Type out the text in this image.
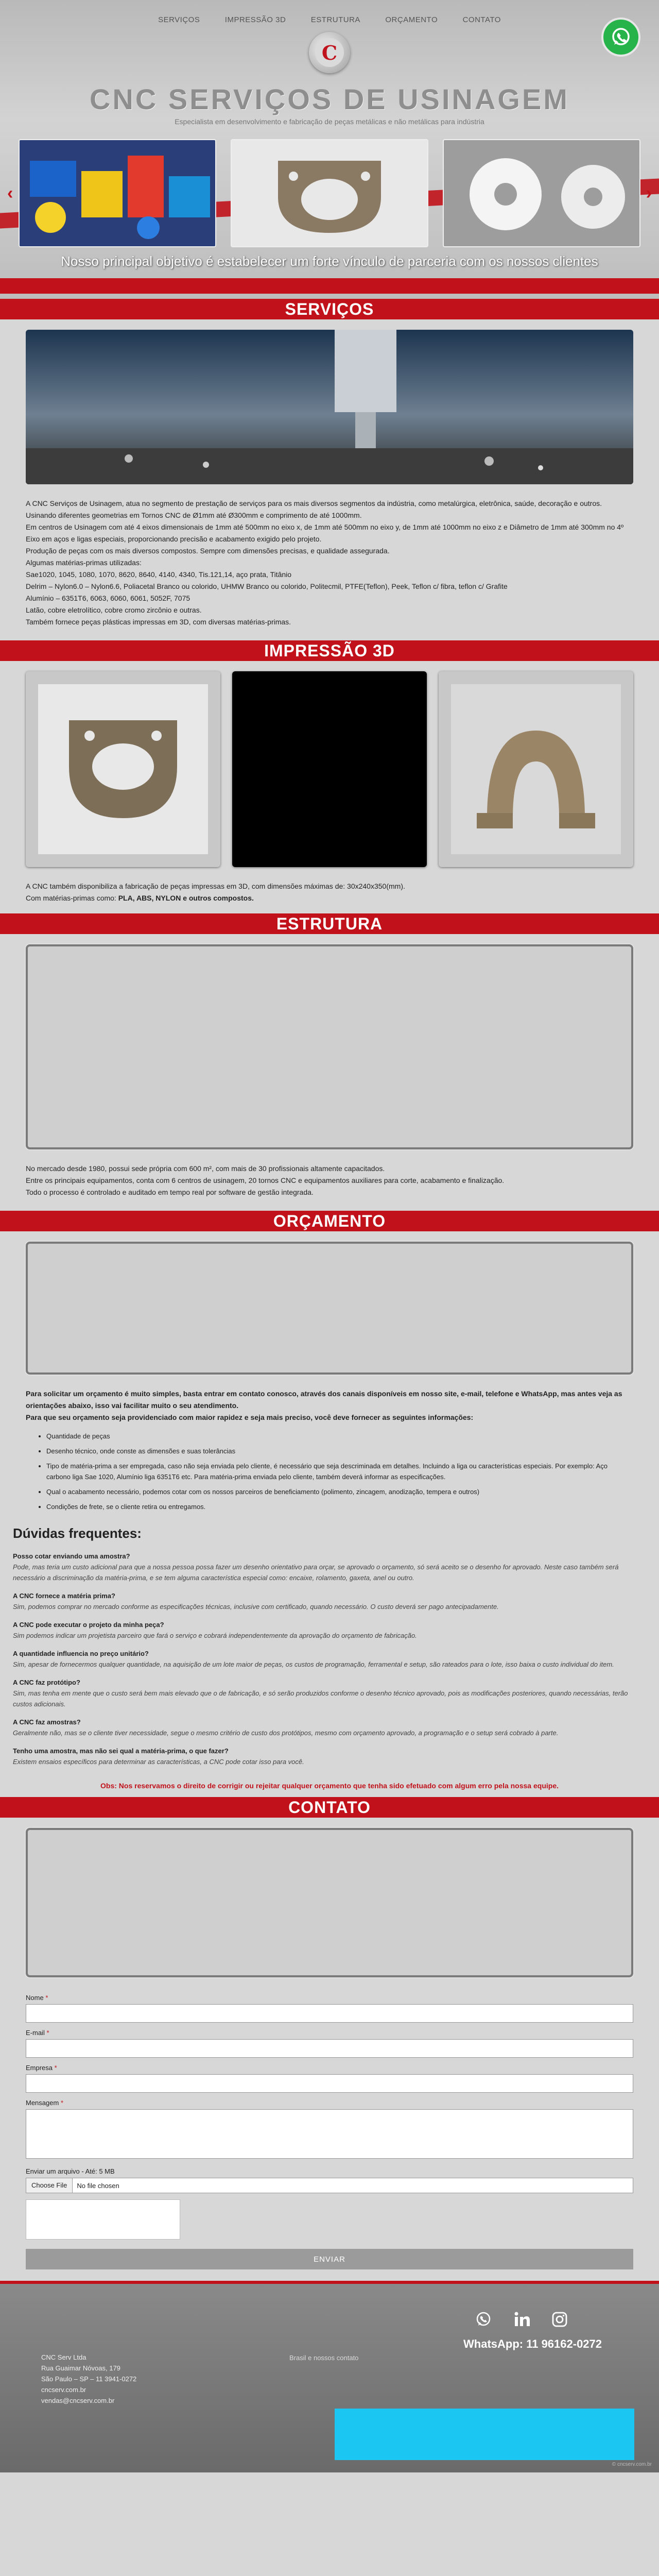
SERVIÇOS	IMPRESSÃO 3D	ESTRUTURA	ORÇAMENTO	CONTATO
C
CNC SERVIÇOS DE USINAGEM
Especialista em desenvolvimento e fabricação de peças metálicas e não metálicas para indústria
‹	›
Nosso principal objetivo é estabelecer um forte vínculo de parceria com os nossos clientes
SERVIÇOS

A CNC Serviços de Usinagem, atua no segmento de prestação de serviços para os mais diversos segmentos da indústria, como metalúrgica, eletrônica, saúde, decoração e outros.

Usinando diferentes geometrias em Tornos CNC de Ø1mm até Ø300mm e comprimento de até 1000mm.

Em centros de Usinagem com até 4 eixos dimensionais de 1mm até 500mm no eixo x, de 1mm até 500mm no eixo y, de 1mm até 1000mm no eixo z e Diâmetro de 1mm até 300mm no 4º Eixo em aços e ligas especiais, proporcionando precisão e acabamento exigido pelo projeto.

Produção de peças com os mais diversos compostos. Sempre com dimensões precisas, e qualidade assegurada.

Algumas matérias-primas utilizadas:

Sae1020, 1045, 1080, 1070, 8620, 8640, 4140, 4340, Tis.121,14, aço prata, Titânio

Delrim – Nylon6.0 – Nylon6.6, Poliacetal Branco ou colorido, UHMW Branco ou colorido, Politecmil, PTFE(Teflon), Peek, Teflon c/ fibra, teflon c/ Grafite

Alumínio – 6351T6, 6063, 6060, 6061, 5052F, 7075

Latão, cobre eletrolítico, cobre cromo zircônio e outras.

Também fornece peças plásticas impressas em 3D, com diversas matérias-primas.

IMPRESSÃO 3D

A CNC também disponibiliza a fabricação de peças impressas em 3D, com dimensões máximas de: 30x240x350(mm).

Com matérias-primas como: PLA, ABS, NYLON e outros compostos.

ESTRUTURA

No mercado desde 1980, possui sede própria com 600 m², com mais de 30 profissionais altamente capacitados.

Entre os principais equipamentos, conta com 6 centros de usinagem, 20 tornos CNC e equipamentos auxiliares para corte, acabamento e finalização.

Todo o processo é controlado e auditado em tempo real por software de gestão integrada.

ORÇAMENTO

Para solicitar um orçamento é muito simples, basta entrar em contato conosco, através dos canais disponíveis em nosso site, e-mail, telefone e WhatsApp, mas antes veja as orientações abaixo, isso vai facilitar muito o seu atendimento.

Para que seu orçamento seja providenciado com maior rapidez e seja mais preciso, você deve fornecer as seguintes informações:

• Quantidade de peças
• Desenho técnico, onde conste as dimensões e suas tolerâncias
• Tipo de matéria-prima a ser empregada, caso não seja enviada pelo cliente, é necessário que seja descriminada em detalhes. Incluindo a liga ou características especiais. Por exemplo: Aço carbono liga Sae 1020, Alumínio liga 6351T6 etc. Para matéria-prima enviada pelo cliente, também deverá informar as especificações.
• Qual o acabamento necessário, podemos cotar com os nossos parceiros de beneficiamento (polimento, zincagem, anodização, tempera e outros)
• Condições de frete, se o cliente retira ou entregamos.
Dúvidas frequentes:
Posso cotar enviando uma amostra?
Pode, mas teria um custo adicional para que a nossa pessoa possa fazer um desenho orientativo para orçar, se aprovado o orçamento, só será aceito se o desenho for aprovado. Neste caso também será necessário a discriminação da matéria-prima, e se tem alguma característica especial como: encaixe, rolamento, gaxeta, anel ou outro.
A CNC fornece a matéria prima?
Sim, podemos comprar no mercado conforme as especificações técnicas, inclusive com certificado, quando necessário. O custo deverá ser pago antecipadamente.
A CNC pode executar o projeto da minha peça?
Sim podemos indicar um projetista parceiro que fará o serviço e cobrará independentemente da aprovação do orçamento de fabricação.
A quantidade influencia no preço unitário?
Sim, apesar de fornecermos qualquer quantidade, na aquisição de um lote maior de peças, os custos de programação, ferramental e setup, são rateados para o lote, isso baixa o custo individual do item.
A CNC faz protótipo?
Sim, mas tenha em mente que o custo será bem mais elevado que o de fabricação, e só serão produzidos conforme o desenho técnico aprovado, pois as modificações posteriores, quando necessárias, terão custos adicionais.
A CNC faz amostras?
Geralmente não, mas se o cliente tiver necessidade, segue o mesmo critério de custo dos protótipos, mesmo com orçamento aprovado, a programação e o setup será cobrado à parte.
Tenho uma amostra, mas não sei qual a matéria-prima, o que fazer?
Existem ensaios específicos para determinar as características, a CNC pode cotar isso para você.
Obs: Nos reservamos o direito de corrigir ou rejeitar qualquer orçamento que tenha sido efetuado com algum erro pela nossa equipe.
CONTATO
Nome *
E-mail *
Empresa *
Mensagem *
Enviar um arquivo - Até: 5 MB
Choose File	No file chosen
ENVIAR
WhatsApp: 11 96162-0272
CNC Serv Ltda
Rua Guaimar Nóvoas, 179
São Paulo – SP – 11 3941-0272
cncserv.com.br
vendas@cncserv.com.br
Brasil e nossos contato
© cncserv.com.br
